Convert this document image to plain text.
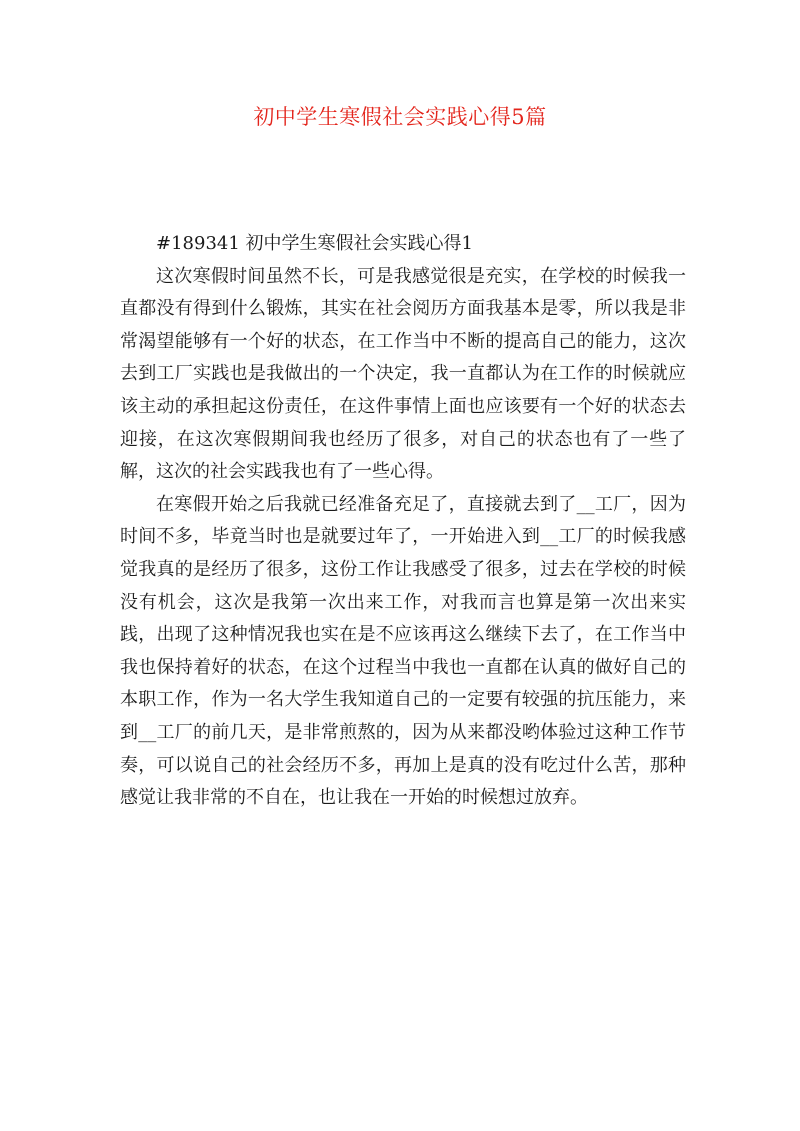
初中学生寒假社会实践心得5篇

#189341 初中学生寒假社会实践心得1

这次寒假时间虽然不长，可是我感觉很是充实，在学校的时候我一直都没有得到什么锻炼，其实在社会阅历方面我基本是零，所以我是非常渴望能够有一个好的状态，在工作当中不断的提高自己的能力，这次去到工厂实践也是我做出的一个决定，我一直都认为在工作的时候就应该主动的承担起这份责任，在这件事情上面也应该要有一个好的状态去迎接，在这次寒假期间我也经历了很多，对自己的状态也有了一些了解，这次的社会实践我也有了一些心得。

在寒假开始之后我就已经准备充足了，直接就去到了__工厂，因为时间不多，毕竟当时也是就要过年了，一开始进入到__工厂的时候我感觉我真的是经历了很多，这份工作让我感受了很多，过去在学校的时候没有机会，这次是我第一次出来工作，对我而言也算是第一次出来实践，出现了这种情况我也实在是不应该再这么继续下去了，在工作当中我也保持着好的状态，在这个过程当中我也一直都在认真的做好自己的本职工作，作为一名大学生我知道自己的一定要有较强的抗压能力，来到__工厂的前几天，是非常煎熬的，因为从来都没哟体验过这种工作节奏，可以说自己的社会经历不多，再加上是真的没有吃过什么苦，那种感觉让我非常的不自在，也让我在一开始的时候想过放弃。
